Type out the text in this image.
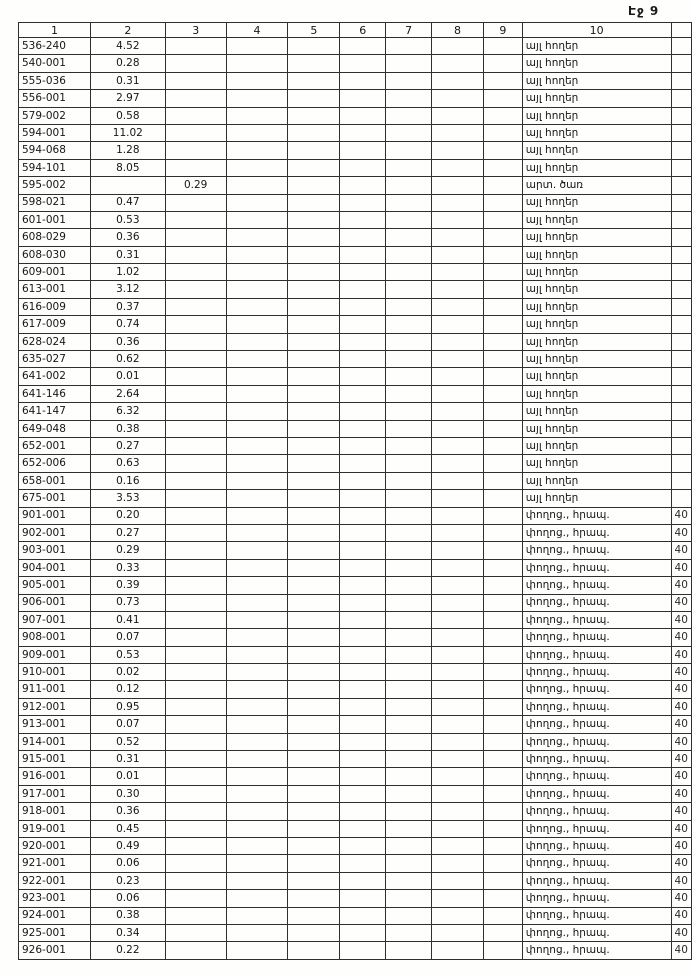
Էջ 9
1	2	3	4	5	6	7	8	9	10	
536-240	4.52								այլ հողեր	
540-001	0.28								այլ հողեր	
555-036	0.31								այլ հողեր	
556-001	2.97								այլ հողեր	
579-002	0.58								այլ հողեր	
594-001	11.02								այլ հողեր	
594-068	1.28								այլ հողեր	
594-101	8.05								այլ հողեր	
595-002		0.29							արտ. ծառ	
598-021	0.47								այլ հողեր	
601-001	0.53								այլ հողեր	
608-029	0.36								այլ հողեր	
608-030	0.31								այլ հողեր	
609-001	1.02								այլ հողեր	
613-001	3.12								այլ հողեր	
616-009	0.37								այլ հողեր	
617-009	0.74								այլ հողեր	
628-024	0.36								այլ հողեր	
635-027	0.62								այլ հողեր	
641-002	0.01								այլ հողեր	
641-146	2.64								այլ հողեր	
641-147	6.32								այլ հողեր	
649-048	0.38								այլ հողեր	
652-001	0.27								այլ հողեր	
652-006	0.63								այլ հողեր	
658-001	0.16								այլ հողեր	
675-001	3.53								այլ հողեր	
901-001	0.20								փողոց., հրապ.	40
902-001	0.27								փողոց., հրապ.	40
903-001	0.29								փողոց., հրապ.	40
904-001	0.33								փողոց., հրապ.	40
905-001	0.39								փողոց., հրապ.	40
906-001	0.73								փողոց., հրապ.	40
907-001	0.41								փողոց., հրապ.	40
908-001	0.07								փողոց., հրապ.	40
909-001	0.53								փողոց., հրապ.	40
910-001	0.02								փողոց., հրապ.	40
911-001	0.12								փողոց., հրապ.	40
912-001	0.95								փողոց., հրապ.	40
913-001	0.07								փողոց., հրապ.	40
914-001	0.52								փողոց., հրապ.	40
915-001	0.31								փողոց., հրապ.	40
916-001	0.01								փողոց., հրապ.	40
917-001	0.30								փողոց., հրապ.	40
918-001	0.36								փողոց., հրապ.	40
919-001	0.45								փողոց., հրապ.	40
920-001	0.49								փողոց., հրապ.	40
921-001	0.06								փողոց., հրապ.	40
922-001	0.23								փողոց., հրապ.	40
923-001	0.06								փողոց., հրապ.	40
924-001	0.38								փողոց., հրապ.	40
925-001	0.34								փողոց., հրապ.	40
926-001	0.22								փողոց., հրապ.	40
